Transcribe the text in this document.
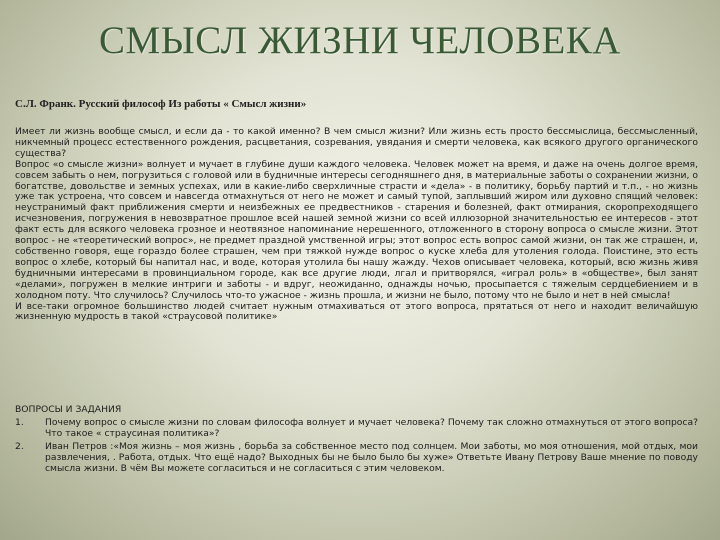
СМЫСЛ ЖИЗНИ ЧЕЛОВЕКА
С.Л. Франк. Русский философ Из работы « Смысл жизни»

Имеет ли жизнь вообще смысл, и если да - то какой именно? В чем смысл жизни? Или жизнь есть просто бессмыслица, бессмысленный, никчемный процесс естественного рождения, расцветания, созревания, увядания и смерти человека, как всякого другого органического существа?

Вопрос «о смысле жизни» волнует и мучает в глубине души каждого человека. Человек может на время, и даже на очень долгое время, совсем забыть о нем, погрузиться с головой или в будничные интересы сегодняшнего дня, в материальные заботы о сохранении жизни, о богатстве, довольстве и земных успехах, или в какие-либо сверхличные страсти и «дела» - в политику, борьбу партий и т.п., - но жизнь уже так устроена, что совсем и навсегда отмахнуться от него не может и самый тупой, заплывший жиром или духовно спящий человек: неустранимый факт приближения смерти и неизбежных ее предвестников - старения и болезней, факт отмирания, скоропреходящего исчезновения, погружения в невозвратное прошлое всей нашей земной жизни со всей иллюзорной значительностью ее интересов - этот факт есть для всякого человека грозное и неотвязное напоминание нерешенного, отложенного в сторону вопроса о смысле жизни. Этот вопрос - не «теоретический вопрос», не предмет праздной умственной игры; этот вопрос есть вопрос самой жизни, он так же страшен, и, собственно говоря, еще гораздо более страшен, чем при тяжкой нужде вопрос о куске хлеба для утоления голода. Поистине, это есть вопрос о хлебе, который бы напитал нас, и воде, которая утолила бы нашу жажду. Чехов описывает человека, который, всю жизнь живя будничными интересами в провинциальном городе, как все другие люди, лгал и притворялся, «играл роль» в «обществе», был занят «делами», погружен в мелкие интриги и заботы - и вдруг, неожиданно, однажды ночью, просыпается с тяжелым сердцебиением и в холодном поту. Что случилось? Случилось что-то ужасное - жизнь прошла, и жизни не было, потому что не было и нет в ней смысла!

И все-таки огромное большинство людей считает нужным отмахиваться от этого вопроса, прятаться от него и находит величайшую жизненную мудрость в такой «страусовой политике»

ВОПРОСЫ И ЗАДАНИЯ
1.	Почему вопрос о смысле жизни по словам философа волнует и мучает человека? Почему так сложно отмахнуться от этого вопроса? Что такое « страусиная политика»?
2.	Иван Петров :«Моя жизнь – моя жизнь , борьба за собственное место под солнцем. Мои заботы, мо моя отношения, мой отдых, мои развлечения, . Работа, отдых. Что ещё надо? Выходных бы не было было бы хуже» Ответьте Ивану Петрову Ваше мнение по поводу смысла жизни. В чём Вы можете согласиться и не согласиться с этим человеком.
